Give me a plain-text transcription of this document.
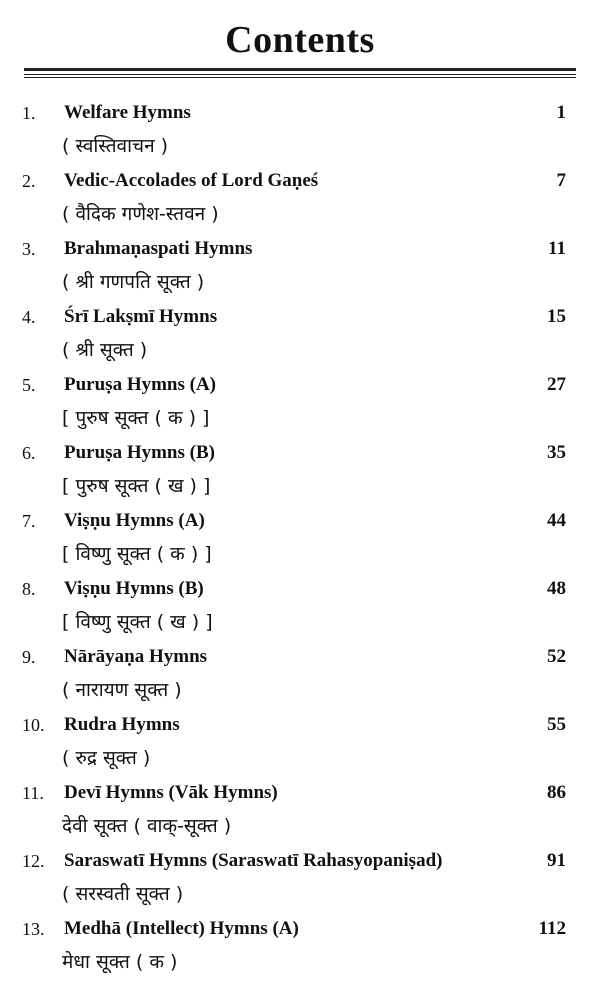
Contents
1. Welfare Hymns
( स्वस्तिवाचन )
1
2. Vedic-Accolades of Lord Gaṇeś
( वैदिक गणेश-स्तवन )
7
3. Brahmaṇaspati Hymns
( श्री गणपति सूक्त )
11
4. Śrī Lakṣmī Hymns
( श्री सूक्त )
15
5. Puruṣa Hymns (A)
[ पुरुष सूक्त ( क ) ]
27
6. Puruṣa Hymns (B)
[ पुरुष सूक्त ( ख ) ]
35
7. Viṣṇu Hymns (A)
[ विष्णु सूक्त ( क ) ]
44
8. Viṣṇu Hymns (B)
[ विष्णु सूक्त ( ख ) ]
48
9. Nārāyaṇa Hymns
( नारायण सूक्त )
52
10. Rudra Hymns
( रुद्र सूक्त )
55
11. Devī Hymns (Vāk Hymns)
देवी सूक्त ( वाक्-सूक्त )
86
12. Saraswatī Hymns (Saraswatī Rahasyopaniṣad)
( सरस्वती सूक्त )
91
13. Medhā (Intellect) Hymns (A)
मेधा सूक्त ( क )
112
